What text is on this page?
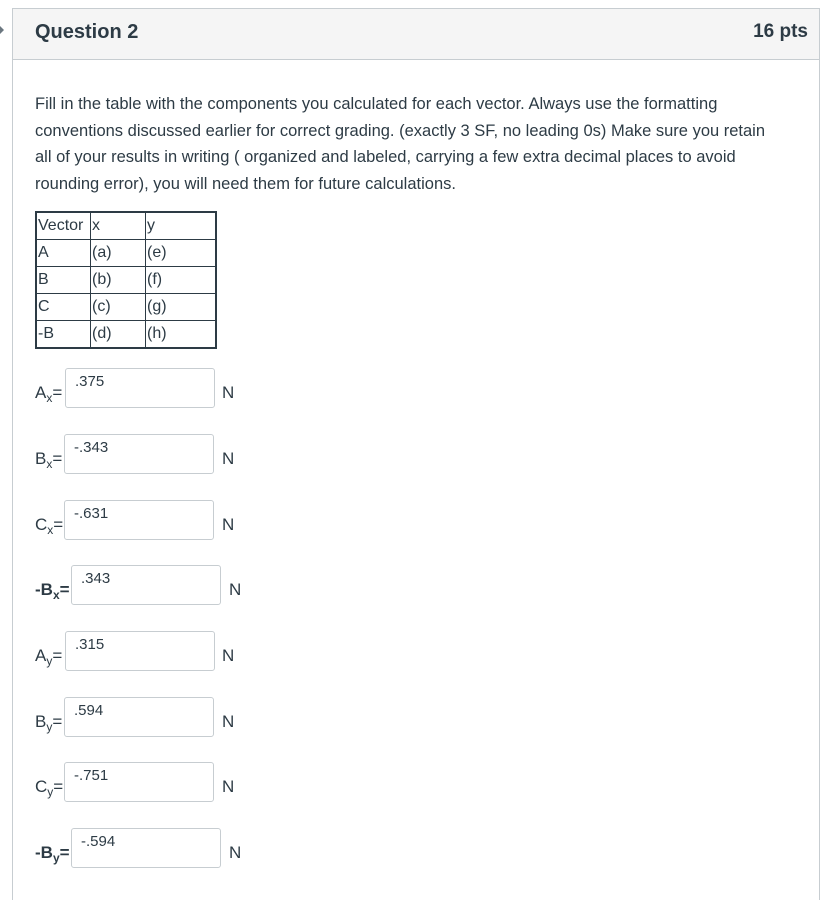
Question 2	16 pts

Fill in the table with the components you calculated for each vector. Always use the formatting conventions discussed earlier for correct grading. (exactly 3 SF, no leading 0s) Make sure you retain all of your results in writing ( organized and labeled, carrying a few extra decimal places to avoid rounding error), you will need them for future calculations.

Vector	x	y
A	(a)	(e)
B	(b)	(f)
C	(c)	(g)
-B	(d)	(h)
$A_x=$
.375	N
$B_x=$
-.343	N
$C_x=$
-.631	N
$-B_x=$
.343	N
$A_y=$
.315	N
$B_y=$
.594	N
$C_y=$
-.751	N
$-B_y=$
-.594	N
